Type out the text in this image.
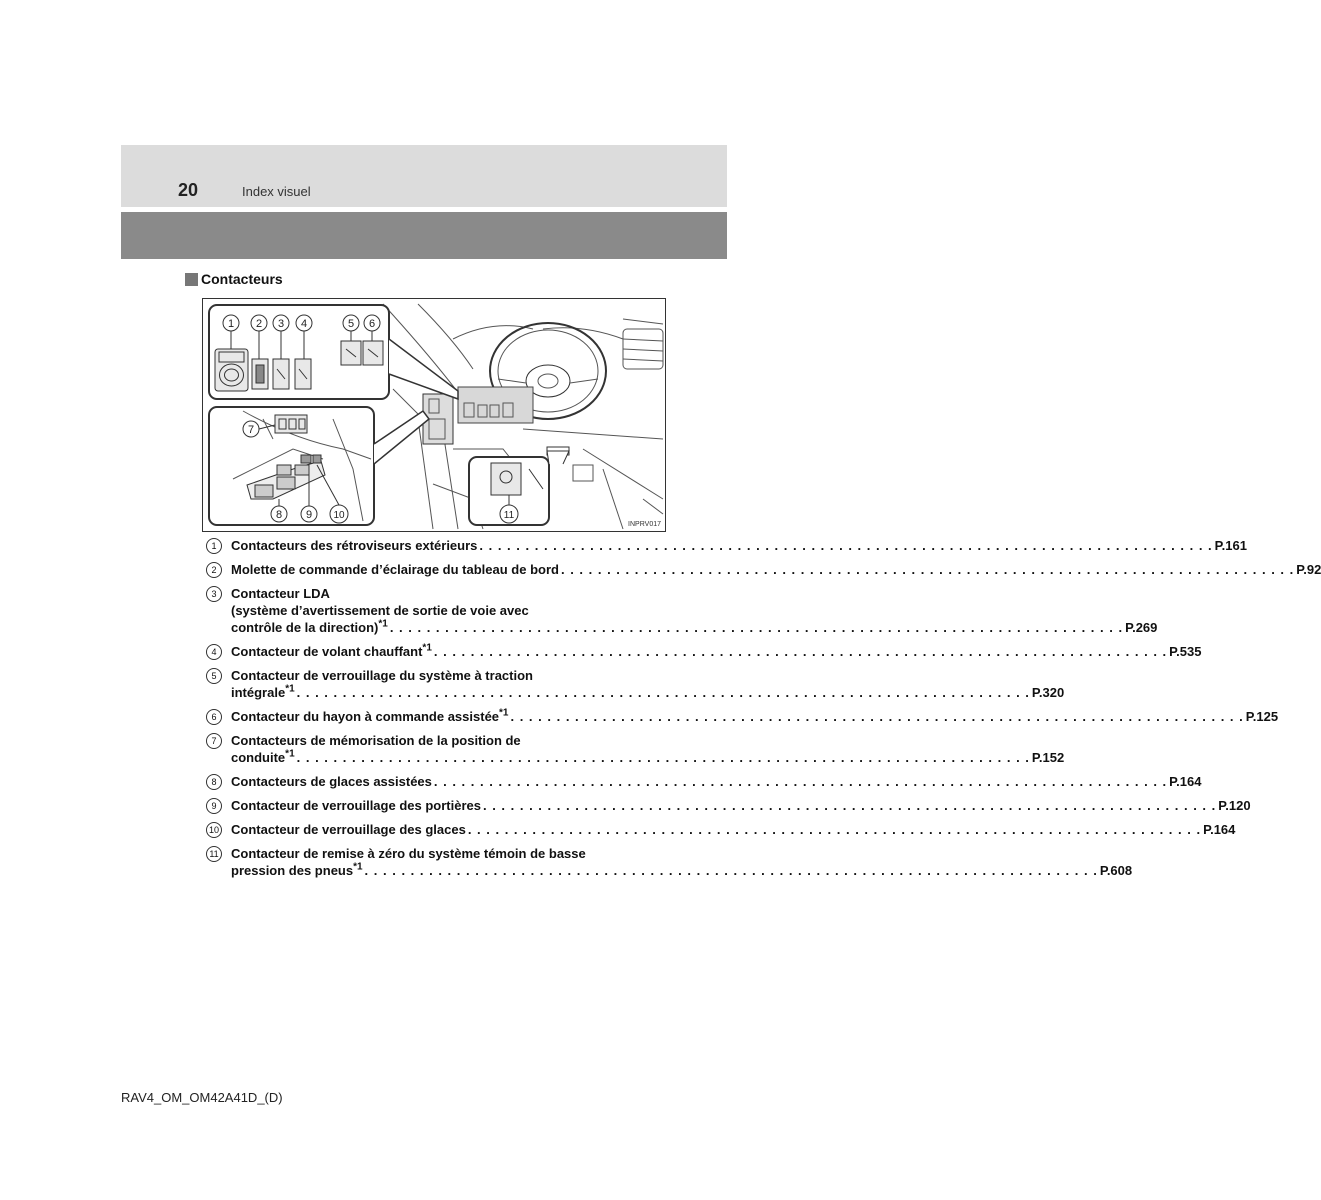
20	Index visuel
Contacteurs
1 2 3 4	5 6
7
8 9 10	11
INPRV017
1	Contacteurs des rétroviseurs extérieurs . . . . . . . . . . . . . . . . . . . . . . . . . . . . . . . . . . . . . . . . . . . . . . . . . . . . . . . . . . . . . . . . . . . . . . . . . . . . . . . . P.161
2	Molette de commande d’éclairage du tableau de bord . . . . . . . . . . . . . . . . . . . . . . . . . . . . . . . . . . . . . . . . . . . . . . . . . . . . . . . . . . . . . . . . . . . . . . . . . . . . . . . . P.92
3	Contacteur LDA
(système d’avertissement de sortie de voie avec
contrôle de la direction)$^{*1}$ . . . . . . . . . . . . . . . . . . . . . . . . . . . . . . . . . . . . . . . . . . . . . . . . . . . . . . . . . . . . . . . . . . . . . . . . . . . . . . . . P.269
4	Contacteur de volant chauffant$^{*1}$ . . . . . . . . . . . . . . . . . . . . . . . . . . . . . . . . . . . . . . . . . . . . . . . . . . . . . . . . . . . . . . . . . . . . . . . . . . . . . . . . P.535
5	Contacteur de verrouillage du système à traction
intégrale$^{*1}$ . . . . . . . . . . . . . . . . . . . . . . . . . . . . . . . . . . . . . . . . . . . . . . . . . . . . . . . . . . . . . . . . . . . . . . . . . . . . . . . . P.320
6	Contacteur du hayon à commande assistée$^{*1}$ . . . . . . . . . . . . . . . . . . . . . . . . . . . . . . . . . . . . . . . . . . . . . . . . . . . . . . . . . . . . . . . . . . . . . . . . . . . . . . . . P.125
7	Contacteurs de mémorisation de la position de
conduite$^{*1}$ . . . . . . . . . . . . . . . . . . . . . . . . . . . . . . . . . . . . . . . . . . . . . . . . . . . . . . . . . . . . . . . . . . . . . . . . . . . . . . . . P.152
8	Contacteurs de glaces assistées . . . . . . . . . . . . . . . . . . . . . . . . . . . . . . . . . . . . . . . . . . . . . . . . . . . . . . . . . . . . . . . . . . . . . . . . . . . . . . . . P.164
9	Contacteur de verrouillage des portières . . . . . . . . . . . . . . . . . . . . . . . . . . . . . . . . . . . . . . . . . . . . . . . . . . . . . . . . . . . . . . . . . . . . . . . . . . . . . . . . P.120
10 Contacteur de verrouillage des glaces . . . . . . . . . . . . . . . . . . . . . . . . . . . . . . . . . . . . . . . . . . . . . . . . . . . . . . . . . . . . . . . . . . . . . . . . . . . . . . . . P.164
11 Contacteur de remise à zéro du système témoin de basse
pression des pneus$^{*1}$ . . . . . . . . . . . . . . . . . . . . . . . . . . . . . . . . . . . . . . . . . . . . . . . . . . . . . . . . . . . . . . . . . . . . . . . . . . . . . . . . P.608
RAV4_OM_OM42A41D_(D)
